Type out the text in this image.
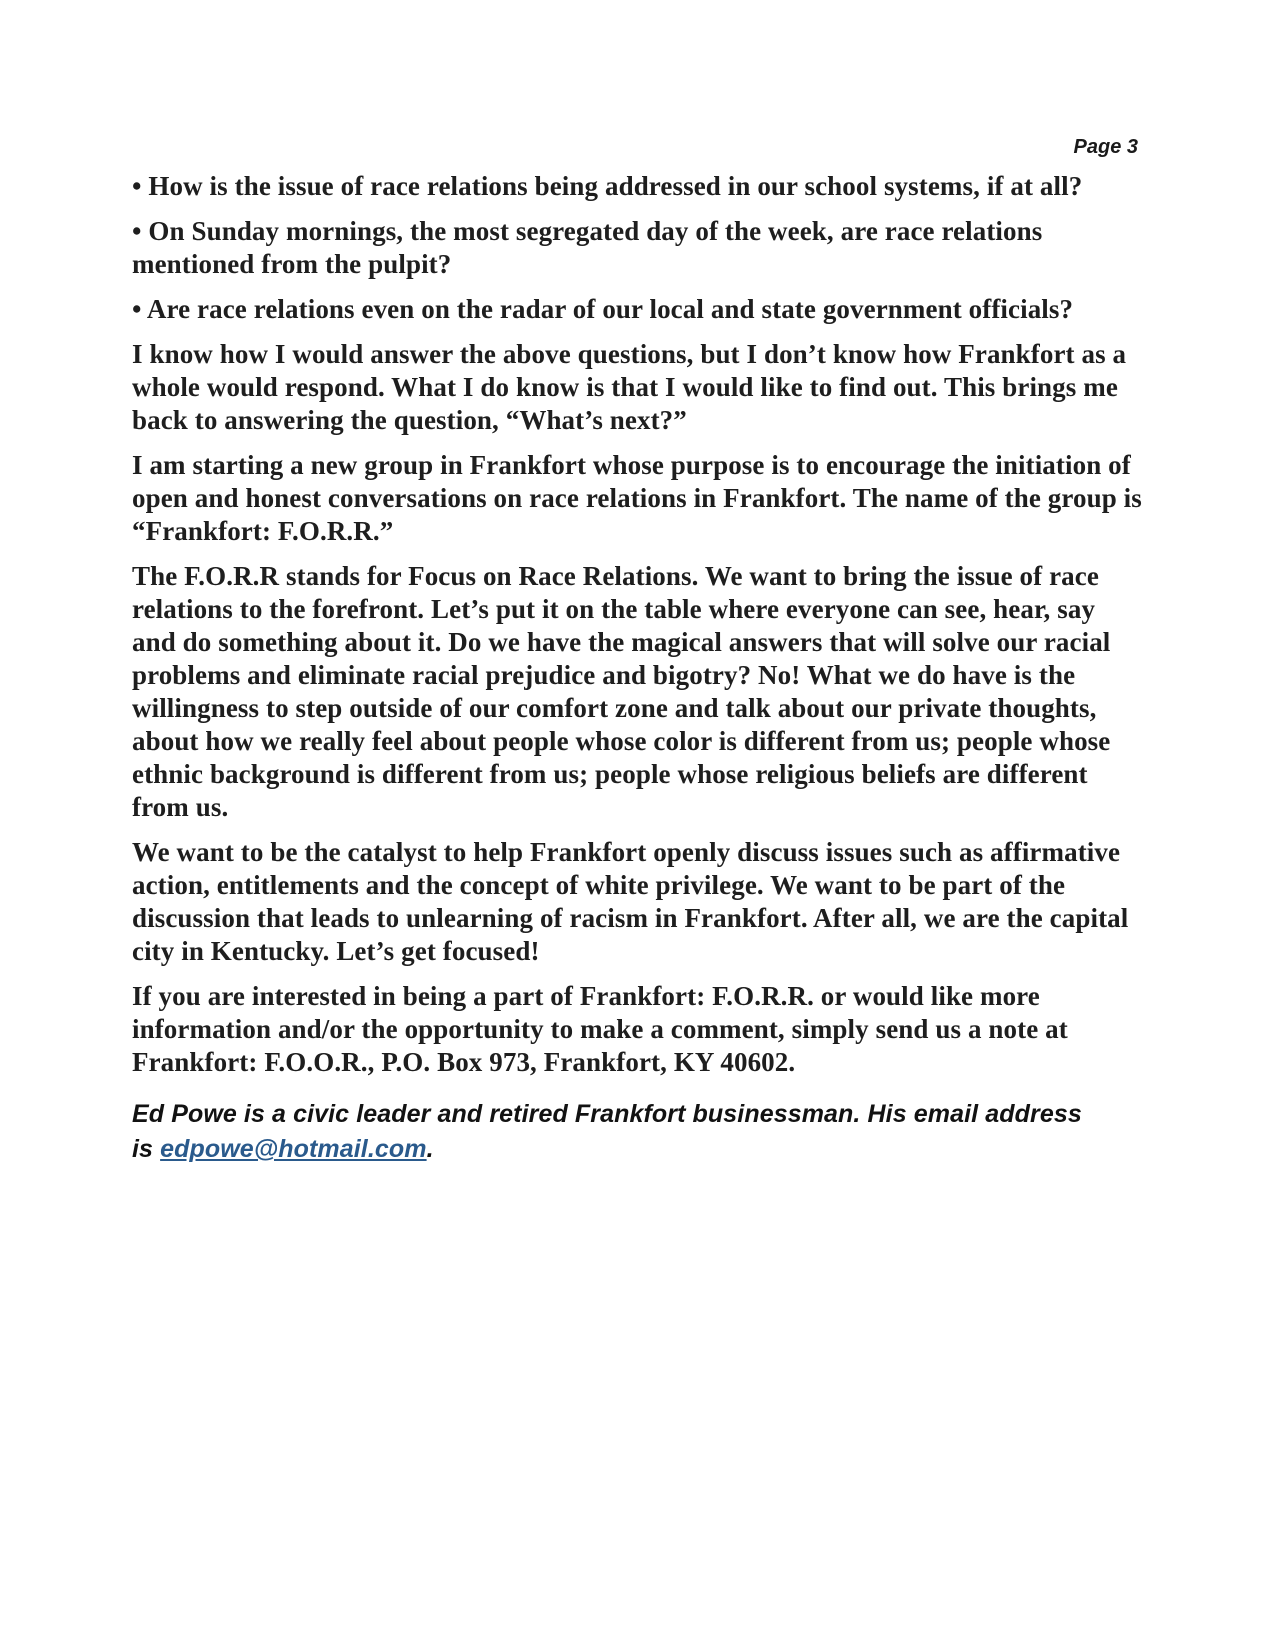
Page 3

• How is the issue of race relations being addressed in our school systems, if at all?

• On Sunday mornings, the most segregated day of the week, are race relations mentioned from the pulpit?

• Are race relations even on the radar of our local and state government officials?

I know how I would answer the above questions, but I don’t know how Frankfort as a whole would respond. What I do know is that I would like to find out. This brings me back to answering the question, “What’s next?”

I am starting a new group in Frankfort whose purpose is to encourage the initiation of open and honest conversations on race relations in Frankfort. The name of the group is “Frankfort: F.O.R.R.”

The F.O.R.R stands for Focus on Race Relations. We want to bring the issue of race relations to the forefront. Let’s put it on the table where everyone can see, hear, say and do something about it. Do we have the magical answers that will solve our racial problems and eliminate racial prejudice and bigotry? No! What we do have is the willingness to step outside of our comfort zone and talk about our private thoughts, about how we really feel about people whose color is different from us; people whose ethnic background is different from us; people whose religious beliefs are different from us.

We want to be the catalyst to help Frankfort openly discuss issues such as affirmative action, entitlements and the concept of white privilege. We want to be part of the discussion that leads to unlearning of racism in Frankfort. After all, we are the capital city in Kentucky. Let’s get focused!

If you are interested in being a part of Frankfort: F.O.R.R. or would like more information and/or the opportunity to make a comment, simply send us a note at Frankfort: F.O.O.R., P.O. Box 973, Frankfort, KY 40602.

Ed Powe is a civic leader and retired Frankfort businessman. His email address is edpowe@hotmail.com.
